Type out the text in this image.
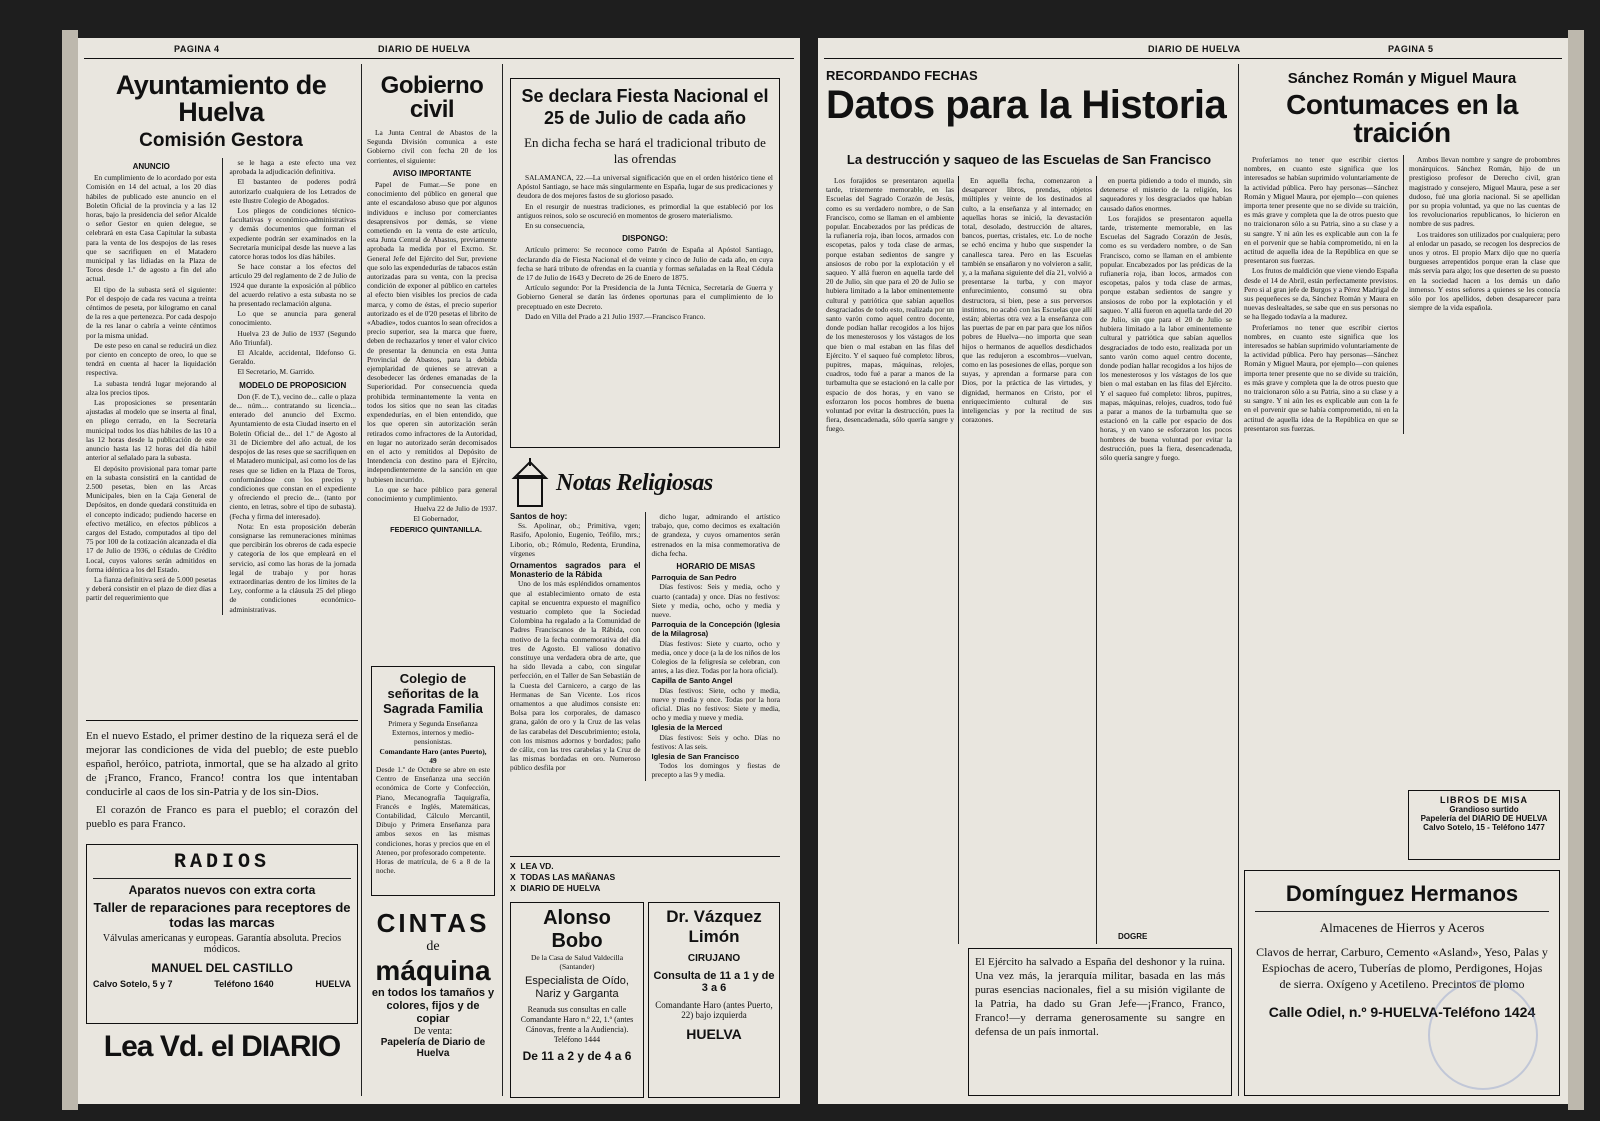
PAGINA 4	DIARIO DE HUELVA
Ayuntamiento de Huelva
Comisión Gestora
ANUNCIO

En cumplimiento de lo acordado por esta Comisión en 14 del actual, a los 20 días hábiles de publicado este anuncio en el Boletín Oficial de la provincia y a las 12 horas, bajo la presidencia del señor Alcalde o señor Gestor en quien delegue, se celebrará en esta Casa Capitular la subasta para la venta de los despojos de las reses que se sacrifiquen en el Matadero municipal y las lidiadas en la Plaza de Toros desde 1.º de agosto a fin del año actual.

El tipo de la subasta será el siguiente: Por el despojo de cada res vacuna a treinta céntimos de peseta, por kilogramo en canal de la res a que pertenezca. Por cada despojo de la res lanar o cabría a veinte céntimos por la misma unidad.

De este peso en canal se reducirá un diez por ciento en concepto de oreo, lo que se tendrá en cuenta al hacer la liquidación respectiva.

La subasta tendrá lugar mejorando al alza los precios tipos.

Las proposiciones se presentarán ajustadas al modelo que se inserta al final, en pliego cerrado, en la Secretaría municipal todos los días hábiles de las 10 a las 12 horas desde la publicación de este anuncio hasta las 12 horas del día hábil anterior al señalado para la subasta.

El depósito provisional para tomar parte en la subasta consistirá en la cantidad de 2.500 pesetas, bien en las Arcas Municipales, bien en la Caja General de Depósitos, en donde quedará constituida en el concepto indicado; pudiendo hacerse en efectivo metálico, en efectos públicos a cargos del Estado, computados al tipo del 75 por 100 de la cotización alcanzada el día 17 de Julio de 1936, o cédulas de Crédito Local, cuyos valores serán admitidos en forma idéntica a los del Estado.

La fianza definitiva será de 5.000 pesetas y deberá consistir en el plazo de diez días a partir del requerimiento que

se le haga a este efecto una vez aprobada la adjudicación definitiva.

El bastanteo de poderes podrá autorizarlo cualquiera de los Letrados de este Ilustre Colegio de Abogados.

Los pliegos de condiciones técnico-facultativas y económico-administrativas y demás documentos que forman el expediente podrán ser examinados en la Secretaría municipal desde las nueve a las catorce horas todos los días hábiles.

Se hace constar a los efectos del artículo 29 del reglamento de 2 de Julio de 1924 que durante la exposición al público del acuerdo relativo a esta subasta no se ha presentado reclamación alguna.

Lo que se anuncia para general conocimiento.

Huelva 23 de Julio de 1937 (Segundo Año Triunfal).

El Alcalde, accidental, Ildefonso G. Geraldo.

El Secretario, M. Garrido.

MODELO DE PROPOSICION

Don (F. de T.), vecino de... calle o plaza de... núm.... contratando su licencia... enterado del anuncio del Excmo. Ayuntamiento de esta Ciudad inserto en el Boletín Oficial de... del 1.º de Agosto al 31 de Diciembre del año actual, de los despojos de las reses que se sacrifiquen en el Matadero municipal, así como los de las reses que se lidien en la Plaza de Toros, conformándose con los precios y condiciones que constan en el expediente y ofreciendo el precio de... (tanto por ciento, en letras, sobre el tipo de subasta). (Fecha y firma del interesado).

Nota: En esta proposición deberán consignarse las remuneraciones mínimas que percibirán los obreros de cada especie y categoría de los que empleará en el servicio, así como las horas de la jornada legal de trabajo y por horas extraordinarias dentro de los límites de la Ley, conforme a la cláusula 25 del pliego de condiciones económico-administrativas.

En el nuevo Estado, el primer destino de la riqueza será el de mejorar las condiciones de vida del pueblo; de este pueblo español, heróico, patriota, inmortal, que se ha alzado al grito de ¡Franco, Franco, Franco! contra los que intentaban conducirle al caos de los sin-Patria y de los sin-Dios.

El corazón de Franco es para el pueblo; el corazón del pueblo es para Franco.

RADIOS
Aparatos nuevos con extra corta
Taller de reparaciones para receptores de todas las marcas
Válvulas americanas y europeas. Garantía absoluta. Precios módicos.
MANUEL DEL CASTILLO
Calvo Sotelo, 5 y 7	Teléfono 1640	HUELVA
Lea Vd. el DIARIO
Gobierno civil

La Junta Central de Abastos de la Segunda División comunica a este Gobierno civil con fecha 20 de los corrientes, el siguiente:

AVISO IMPORTANTE

Papel de Fumar.—Se pone en conocimiento del público en general que ante el escandaloso abuso que por algunos individuos e incluso por comerciantes desaprensivos por demás, se viene cometiendo en la venta de este artículo, esta Junta Central de Abastos, previamente aprobada la medida por el Excmo. Sr. General Jefe del Ejército del Sur, previene que solo las expendedurías de tabacos están autorizadas para su venta, con la precisa condición de exponer al público en carteles al efecto bien visibles los precios de cada marca, y como de éstas, el precio superior autorizado es el de 0'20 pesetas el librito de «Abadie», todos cuantos lo sean ofrecidos a precio superior, sea la marca que fuere, deben de rechazarlos y tener el valor cívico de presentar la denuncia en esta Junta Provincial de Abastos, para la debida ejemplaridad de quienes se atrevan a desobedecer las órdenes emanadas de la Superioridad. Por consecuencia queda prohibida terminantemente la venta en todos los sitios que no sean las citadas expendedurías, en el bien entendido, que los que operen sin autorización serán retirados como infractores de la Autoridad, en lugar no autorizado serán decomisados en el acto y remitidos al Depósito de Intendencia con destino para el Ejército, independientemente de la sanción en que hubiesen incurrido.

Lo que se hace público para general conocimiento y cumplimiento.

Huelva 22 de Julio de 1937.

El Gobernador,

FEDERICO QUINTANILLA.

Colegio de señoritas de la Sagrada Familia
Primera y Segunda Enseñanza Externos, internos y medio-pensionistas.
Comandante Haro (antes Puerto), 49
Desde 1.º de Octubre se abre en este Centro de Enseñanza una sección económica de Corte y Confección, Piano, Mecanografía Taquigrafía, Francés e Inglés, Matemáticas, Contabilidad, Cálculo Mercantil, Dibujo y Primera Enseñanza para ambos sexos en las mismas condiciones, horas y precios que en el Ateneo, por profesorado competente.
Horas de matrícula, de 6 a 8 de la noche.
CINTAS
de
máquina
en todos los tamaños y colores, fijos y de copiar
De venta:
Papelería de Diario de Huelva
Se declara Fiesta Nacional el 25 de Julio de cada año
En dicha fecha se hará el tradicional tributo de las ofrendas

SALAMANCA, 22.—La universal significación que en el orden histórico tiene el Apóstol Santiago, se hace más singularmente en España, lugar de sus predicaciones y deudora de dos mejores fastos de su glorioso pasado.

En el resurgir de nuestras tradiciones, es primordial la que estableció por los antiguos reinos, solo se oscureció en momentos de grosero materialismo.

En su consecuencia,

DISPONGO:

Artículo primero: Se reconoce como Patrón de España al Apóstol Santiago, declarando día de Fiesta Nacional el de veinte y cinco de Julio de cada año, en cuya fecha se hará tributo de ofrendas en la cuantía y formas señaladas en la Real Cédula de 17 de Julio de 1643 y Decreto de 26 de Enero de 1875.

Artículo segundo: Por la Presidencia de la Junta Técnica, Secretaría de Guerra y Gobierno General se darán las órdenes oportunas para el cumplimiento de lo preceptuado en este Decreto.

Dado en Villa del Prado a 21 Julio 1937.—Francisco Franco.

Notas Religiosas
Santos de hoy:

Ss. Apolinar, ob.; Primitiva, vgen; Rasifo, Apolonio, Eugenio, Teófilo, mrs.; Liborio, ob.; Rómulo, Redenta, Erundina, vírgenes

Ornamentos sagrados para el Monasterio de la Rábida

Uno de los más espléndidos ornamentos que al establecimiento ornato de esta capital se encuentra expuesto el magnífico vestuario completo que la Sociedad Colombina ha regalado a la Comunidad de Padres Franciscanos de la Rábida, con motivo de la fecha conmemorativa del día tres de Agosto. El valioso donativo constituye una verdadera obra de arte, que ha sido llevada a cabo, con singular perfección, en el Taller de San Sebastián de la Cuesta del Carnicero, a cargo de las Hermanas de San Vicente. Los ricos ornamentos a que aludimos consiste en: Bolsa para los corporales, de damasco grana, galón de oro y la Cruz de las velas de las carabelas del Descubrimiento; estola, con los mismos adornos y bordados; paño de cáliz, con las tres carabelas y la Cruz de las mismas bordadas en oro. Numeroso público desfila por

dicho lugar, admirando el artístico trabajo, que, como decimos es exaltación de grandeza, y cuyos ornamentos serán estrenados en la misa conmemorativa de dicha fecha.

HORARIO DE MISAS
Parroquia de San Pedro

Días festivos: Seis y media, ocho y cuarto (cantada) y once. Días no festivos: Siete y media, ocho, ocho y media y nueve.

Parroquia de la Concepción (Iglesia de la Milagrosa)

Días festivos: Siete y cuarto, ocho y media, once y doce (a la de los niños de los Colegios de la feligresía se celebran, con antes, a las diez. Todas por la hora oficial).

Capilla de Santo Angel

Días festivos: Siete, ocho y media, nueve y media y once. Todas por la hora oficial. Días no festivos: Siete y media, ocho y media y nueve y media.

Iglesia de la Merced

Días festivos: Seis y ocho. Días no festivos: A las seis.

Iglesia de San Francisco

Todos los domingos y fiestas de precepto a las 9 y media.

X  LEA VD.
X  TODAS LAS MAÑANAS
X  DIARIO DE HUELVA
Alonso Bobo
De la Casa de Salud Valdecilla (Santander)
Especialista de Oído, Nariz y Garganta
Reanuda sus consultas en calle Comandante Haro n.º 22, 1.º (antes Cánovas, frente a la Audiencia). Teléfono 1444
De 11 a 2 y de 4 a 6
Dr. Vázquez Limón
CIRUJANO
Consulta de 11 a 1 y de 3 a 6
Comandante Haro (antes Puerto, 22) bajo izquierda
HUELVA
DIARIO DE HUELVA	PAGINA 5
RECORDANDO FECHAS
Datos para la Historia
La destrucción y saqueo de las Escuelas de San Francisco

Los forajidos se presentaron aquella tarde, tristemente memorable, en las Escuelas del Sagrado Corazón de Jesús, como es su verdadero nombre, o de San Francisco, como se llaman en el ambiente popular. Encabezados por las prédicas de la rufianería roja, iban locos, armados con escopetas, palos y toda clase de armas, porque estaban sedientos de sangre y ansiosos de robo por la explotación y el saqueo. Y allá fueron en aquella tarde del 20 de Julio, sin que para el 20 de Julio se hubiera limitado a la labor eminentemente cultural y patriótica que sabían aquellos desgraciados de todo esto, realizada por un santo varón como aquel centro docente, donde podían hallar recogidos a los hijos de los menesterosos y los vástagos de los que bien o mal estaban en las filas del Ejército. Y el saqueo fué completo: libros, pupitres, mapas, máquinas, relojes, cuadros, todo fué a parar a manos de la turbamulta que se estacionó en la calle por espacio de dos horas, y en vano se esforzaron los pocos hombres de buena voluntad por evitar la destrucción, pues la fiera, desencadenada, sólo quería sangre y fuego.

En aquella fecha, comenzaron a desaparecer libros, prendas, objetos múltiples y veinte de los destinados al culto, a la enseñanza y al internado; en aquellas horas se inició, la devastación total, desolado, destrucción de altares, bancos, puertas, cristales, etc. Lo de noche se echó encima y hubo que suspender la canallesca tarea. Pero en las Escuelas también se ensañaron y no volvieron a salir, y, a la mañana siguiente del día 21, volvió a presentarse la turba, y con mayor enfurecimiento, consumó su obra destructora, si bien, pese a sus perversos instintos, no acabó con las Escuelas que allí están; abiertas otra vez a la enseñanza con las puertas de par en par para que los niños pobres de Huelva—no importa que sean hijos o hermanos de aquellos desdichados que las redujeron a escombros—vuelvan, como en las posesiones de ellas, porque son suyas, y aprendan a formarse para con Dios, por la práctica de las virtudes, y dignidad, hermanos en Cristo, por el enriquecimiento cultural de sus inteligencias y por la rectitud de sus corazones.

en puerta pidiendo a todo el mundo, sin detenerse el misterio de la religión, los saqueadores y los desgraciados que habían causado daños enormes.

Los forajidos se presentaron aquella tarde, tristemente memorable, en las Escuelas del Sagrado Corazón de Jesús, como es su verdadero nombre, o de San Francisco, como se llaman en el ambiente popular. Encabezados por las prédicas de la rufianería roja, iban locos, armados con escopetas, palos y toda clase de armas, porque estaban sedientos de sangre y ansiosos de robo por la explotación y el saqueo. Y allá fueron en aquella tarde del 20 de Julio, sin que para el 20 de Julio se hubiera limitado a la labor eminentemente cultural y patriótica que sabían aquellos desgraciados de todo esto, realizada por un santo varón como aquel centro docente, donde podían hallar recogidos a los hijos de los menesterosos y los vástagos de los que bien o mal estaban en las filas del Ejército. Y el saqueo fué completo: libros, pupitres, mapas, máquinas, relojes, cuadros, todo fué a parar a manos de la turbamulta que se estacionó en la calle por espacio de dos horas, y en vano se esforzaron los pocos hombres de buena voluntad por evitar la destrucción, pues la fiera, desencadenada, sólo quería sangre y fuego.

DOGRE

El Ejército ha salvado a España del deshonor y la ruina. Una vez más, la jerarquía militar, basada en las más puras esencias nacionales, fiel a su misión vigilante de la Patria, ha dado su Gran Jefe—¡Franco, Franco, Franco!—y derrama generosamente su sangre en defensa de un país inmortal.

Sánchez Román y Miguel Maura
Contumaces en la traición

Proferíamos no tener que escribir ciertos nombres, en cuanto este significa que los interesados se habían suprimido voluntariamente de la actividad pública. Pero hay personas—Sánchez Román y Miguel Maura, por ejemplo—con quienes importa tener presente que no se divide su traición, es más grave y completa que la de otros puesto que no traicionaron sólo a su Patria, sino a su clase y a su sangre. Y ni aún les es explicable aun con la fe en el porvenir que se había comprometido, ni en la actitud de aquella idea de la República en que se presentaron sus fuerzas.

Los frutos de maldición que viene viendo España desde el 14 de Abril, están perfectamente previstos. Pero si al gran jefe de Burgos y a Pérez Madrigal de sus pequeñeces se da, Sánchez Román y Maura en nuevas deslealtades, se sabe que en sus personas no se ha llegado todavía a la madurez.

Proferíamos no tener que escribir ciertos nombres, en cuanto este significa que los interesados se habían suprimido voluntariamente de la actividad pública. Pero hay personas—Sánchez Román y Miguel Maura, por ejemplo—con quienes importa tener presente que no se divide su traición, es más grave y completa que la de otros puesto que no traicionaron sólo a su Patria, sino a su clase y a su sangre. Y ni aún les es explicable aun con la fe en el porvenir que se había comprometido, ni en la actitud de aquella idea de la República en que se presentaron sus fuerzas.

Ambos llevan nombre y sangre de probombres monárquicos. Sánchez Román, hijo de un prestigioso profesor de Derecho civil, gran magistrado y consejero, Miguel Maura, pese a ser dudoso, fué una gloria nacional. Si se apellidan por su propia voluntad, ya que no las cuentas de los revolucionarios republicanos, lo hicieron en nombre de sus padres.

Los traidores son utilizados por cualquiera; pero al enlodar un pasado, se recogen los desprecios de unos y otros. El propio Marx dijo que no quería burgueses arrepentidos porque eran la clase que más servía para algo; los que deserten de su puesto en la sociedad hacen a los demás un daño inmenso. Y estos señores a quienes se les conocía sólo por los apellidos, deben desaparecer para siempre de la vida española.

LIBROS DE MISA
Grandioso surtido
Papelería del DIARIO DE HUELVA
Calvo Sotelo, 15 - Teléfono 1477
Domínguez Hermanos
Almacenes de Hierros y Aceros
Clavos de herrar, Carburo, Cemento «Asland», Yeso, Palas y Espiochas de acero, Tuberías de plomo, Perdigones, Hojas de sierra. Oxígeno y Acetileno. Precintos de plomo
Calle Odiel, n.º 9-HUELVA-Teléfono 1424
